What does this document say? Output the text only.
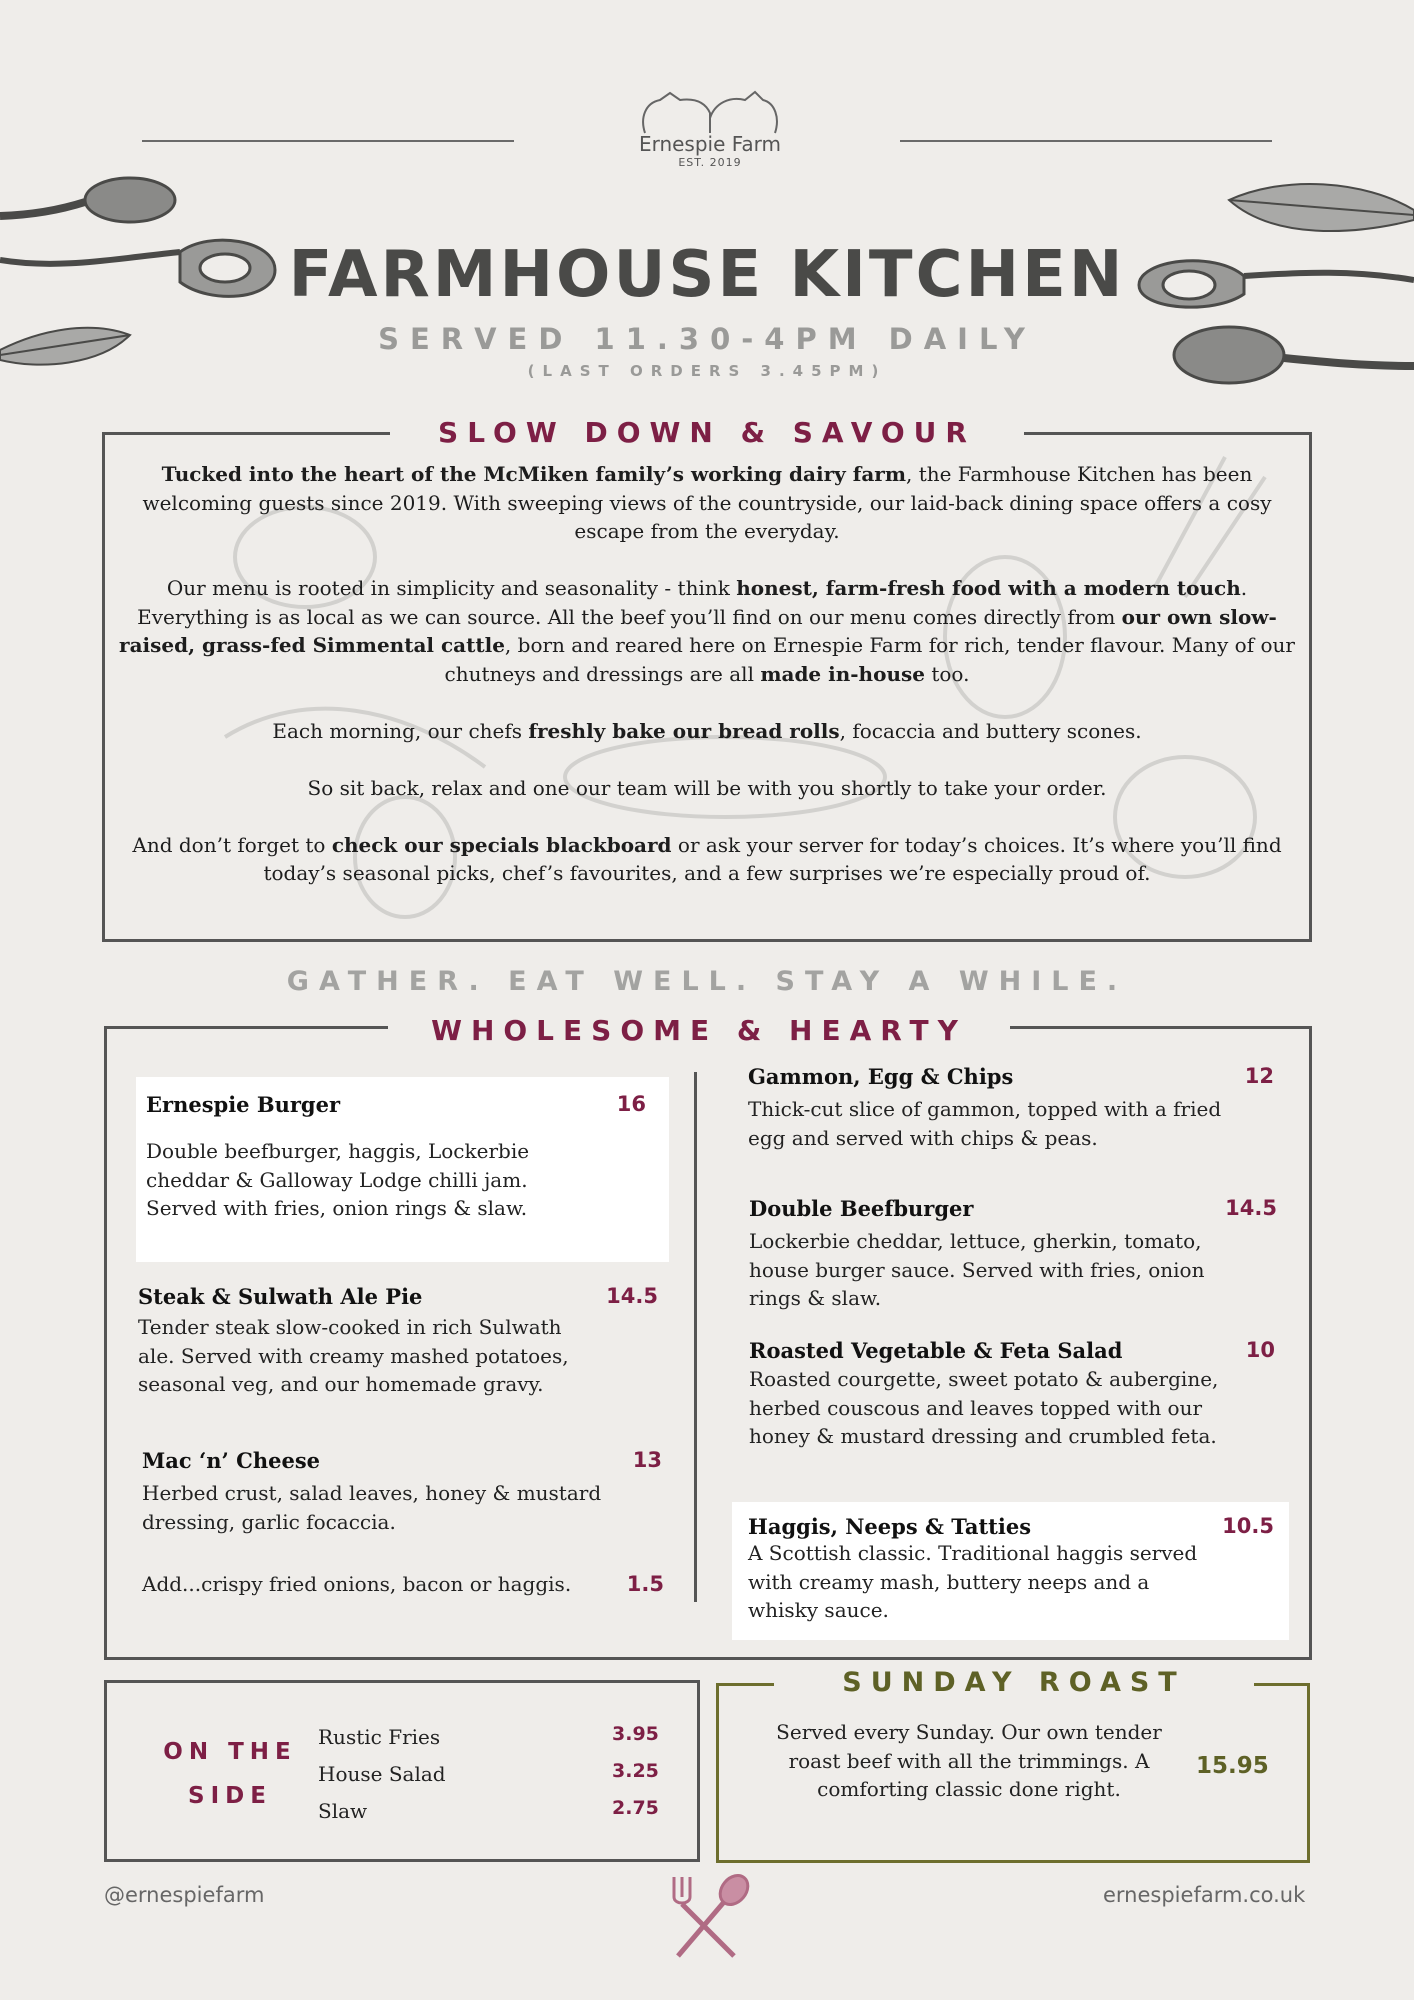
Ernespie Farm
EST. 2019
FARMHOUSE KITCHEN
SERVED 11.30-4PM DAILY
(LAST ORDERS 3.45PM)
SLOW DOWN & SAVOUR

Tucked into the heart of the McMiken family’s working dairy farm, the Farmhouse Kitchen has been welcoming guests since 2019. With sweeping views of the countryside, our laid-back dining space offers a cosy escape from the everyday.

Our menu is rooted in simplicity and seasonality - think honest, farm-fresh food with a modern touch. Everything is as local as we can source. All the beef you’ll find on our menu comes directly from our own slow-raised, grass-fed Simmental cattle, born and reared here on Ernespie Farm for rich, tender flavour. Many of our chutneys and dressings are all made in-house too.

Each morning, our chefs freshly bake our bread rolls, focaccia and buttery scones.

So sit back, relax and one our team will be with you shortly to take your order.

And don’t forget to check our specials blackboard or ask your server for today’s choices. It’s where you’ll find today’s seasonal picks, chef’s favourites, and a few surprises we’re especially proud of.

GATHER. EAT WELL. STAY A WHILE.
WHOLESOME & HEARTY
Ernespie Burger	16
Double beefburger, haggis, Lockerbie cheddar & Galloway Lodge chilli jam. Served with fries, onion rings & slaw.
Steak & Sulwath Ale Pie	14.5
Tender steak slow-cooked in rich Sulwath ale. Served with creamy mashed potatoes, seasonal veg, and our homemade gravy.
Mac ‘n’ Cheese	13
Herbed crust, salad leaves, honey & mustard dressing, garlic focaccia.
Add...crispy fried onions, bacon or haggis.	1.5
Gammon, Egg & Chips	12
Thick-cut slice of gammon, topped with a fried egg and served with chips & peas.
Double Beefburger	14.5
Lockerbie cheddar, lettuce, gherkin, tomato, house burger sauce. Served with fries, onion rings & slaw.
Roasted Vegetable & Feta Salad	10
Roasted courgette, sweet potato & aubergine, herbed couscous and leaves topped with our honey & mustard dressing and crumbled feta.
Haggis, Neeps & Tatties	10.5
A Scottish classic. Traditional haggis served with creamy mash, buttery neeps and a whisky sauce.
ON THE
SIDE
Rustic Fries	3.95
House Salad	3.25
Slaw	2.75
SUNDAY ROAST
Served every Sunday. Our own tender roast beef with all the trimmings. A comforting classic done right.
15.95
@ernespiefarm	ernespiefarm.co.uk
